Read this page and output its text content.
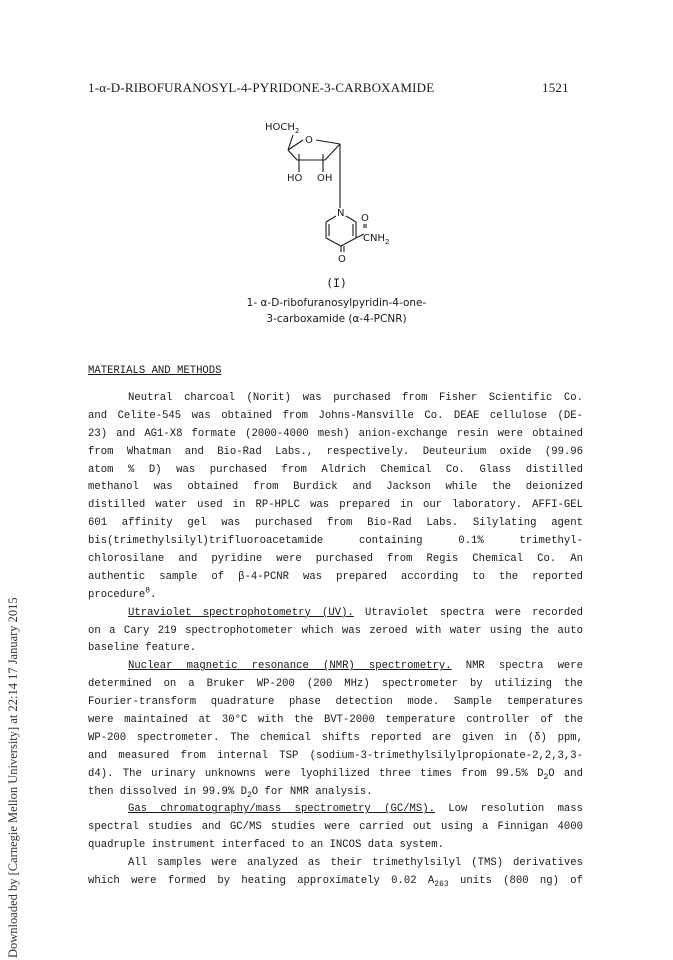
1-α-D-RIBOFURANOSYL-4-PYRIDONE-3-CARBOXAMIDE	1521
Downloaded by [Carnegie Mellon University] at 22:14 17 January 2015
$HOCH_2$
O
HO OH
N O
$CNH_2$
O
(I)
1- α-D-ribofuranosylpyridin-4-one-
3-carboxamide (α-4-PCNR)
MATERIALS AND METHODS
Neutral charcoal (Norit) was purchased from Fisher Scientific Co.
and Celite-545 was obtained from Johns-Mansville Co. DEAE cellulose (DE-
23) and AG1-X8 formate (2000-4000 mesh) anion-exchange resin were obtained
from Whatman and Bio-Rad Labs., respectively. Deuteurium oxide (99.96
atom % D) was purchased from Aldrich Chemical Co. Glass distilled
methanol was obtained from Burdick and Jackson while the deionized
distilled water used in RP-HPLC was prepared in our laboratory. AFFI-GEL
601 affinity gel was purchased from Bio-Rad Labs. Silylating agent
bis(trimethylsilyl)trifluoroacetamide containing 0.1% trimethyl-
chlorosilane and pyridine were purchased from Regis Chemical Co. An
authentic sample of β-4-PCNR was prepared according to the reported
procedure$^8$.
Utraviolet spectrophotometry (UV). Utraviolet spectra were recorded
on a Cary 219 spectrophotometer which was zeroed with water using the auto
baseline feature.
Nuclear magnetic resonance (NMR) spectrometry. NMR spectra were
determined on a Bruker WP-200 (200 MHz) spectrometer by utilizing the
Fourier-transform quadrature phase detection mode. Sample temperatures
were maintained at 30°C with the BVT-2000 temperature controller of the
WP-200 spectrometer. The chemical shifts reported are given in (δ) ppm,
and measured from internal TSP (sodium-3-trimethylsilylpropionate-2,2,3,3-
d4). The urinary unknowns were lyophilized three times from 99.5% $D_2O$ and
then dissolved in 99.9% $D_2O$ for NMR analysis.
Gas chromatography/mass spectrometry (GC/MS). Low resolution mass
spectral studies and GC/MS studies were carried out using a Finnigan 4000
quadruple instrument interfaced to an INCOS data system.
All samples were analyzed as their trimethylsilyl (TMS) derivatives
which were formed by heating approximately 0.02 $A_{263}$ units (800 ng) of
